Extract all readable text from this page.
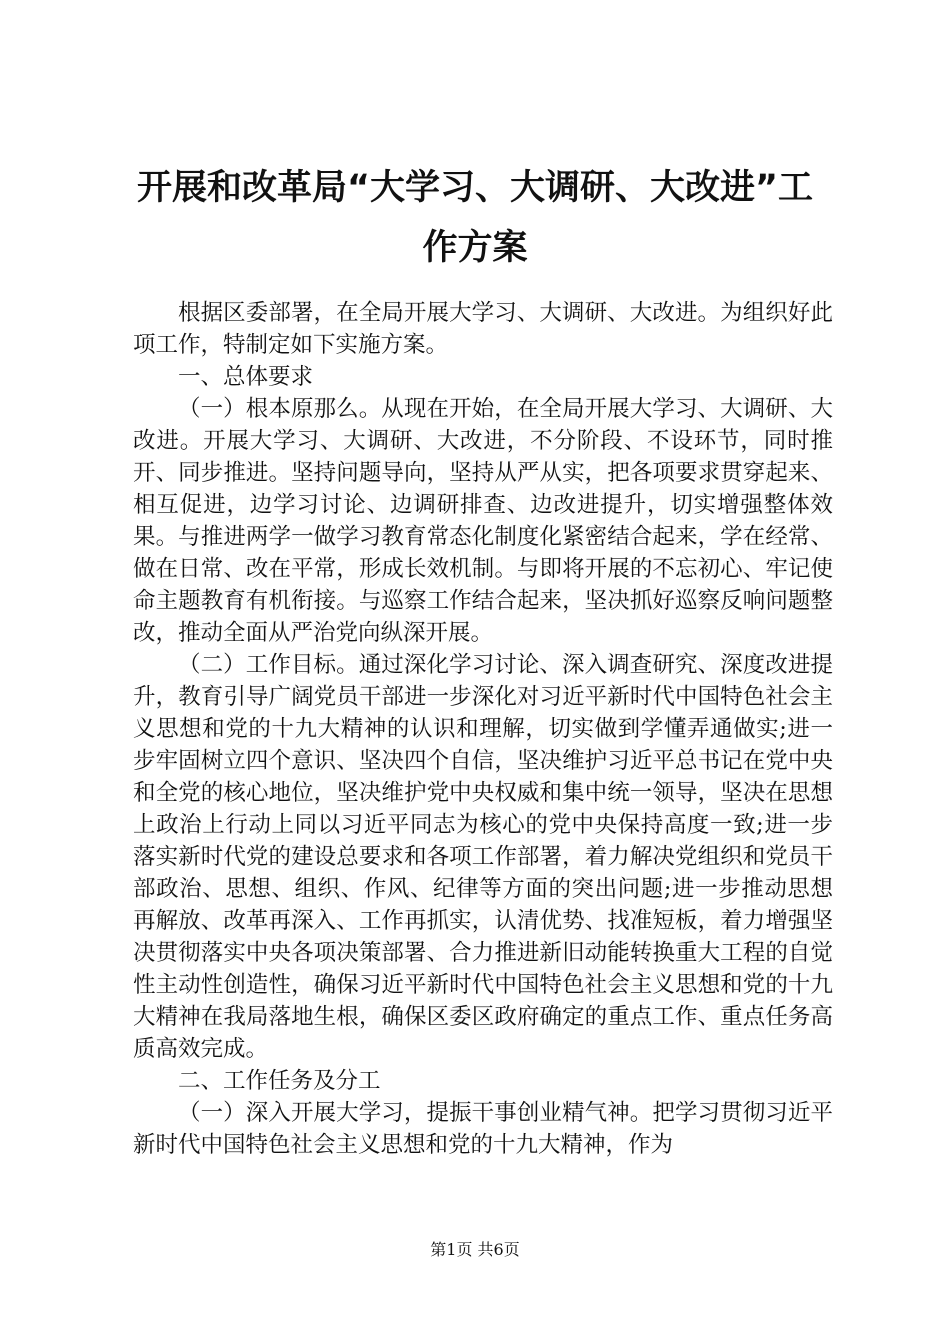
开展和改革局“大学习、大调研、大改进”工作方案

根据区委部署，在全局开展大学习、大调研、大改进。为组织好此项工作，特制定如下实施方案。

一、总体要求

（一）根本原那么。从现在开始，在全局开展大学习、大调研、大改进。开展大学习、大调研、大改进，不分阶段、不设环节，同时推开、同步推进。坚持问题导向，坚持从严从实，把各项要求贯穿起来、相互促进，边学习讨论、边调研排查、边改进提升，切实增强整体效果。与推进两学一做学习教育常态化制度化紧密结合起来，学在经常、做在日常、改在平常，形成长效机制。与即将开展的不忘初心、牢记使命主题教育有机衔接。与巡察工作结合起来，坚决抓好巡察反响问题整改，推动全面从严治党向纵深开展。

（二）工作目标。通过深化学习讨论、深入调查研究、深度改进提升，教育引导广阔党员干部进一步深化对习近平新时代中国特色社会主义思想和党的十九大精神的认识和理解，切实做到学懂弄通做实;进一步牢固树立四个意识、坚决四个自信，坚决维护习近平总书记在党中央和全党的核心地位，坚决维护党中央权威和集中统一领导，坚决在思想上政治上行动上同以习近平同志为核心的党中央保持高度一致;进一步落实新时代党的建设总要求和各项工作部署，着力解决党组织和党员干部政治、思想、组织、作风、纪律等方面的突出问题;进一步推动思想再解放、改革再深入、工作再抓实，认清优势、找准短板，着力增强坚决贯彻落实中央各项决策部署、合力推进新旧动能转换重大工程的自觉性主动性创造性，确保习近平新时代中国特色社会主义思想和党的十九大精神在我局落地生根，确保区委区政府确定的重点工作、重点任务高质高效完成。

二、工作任务及分工

（一）深入开展大学习，提振干事创业精气神。把学习贯彻习近平新时代中国特色社会主义思想和党的十九大精神，作为

第1页 共6页
